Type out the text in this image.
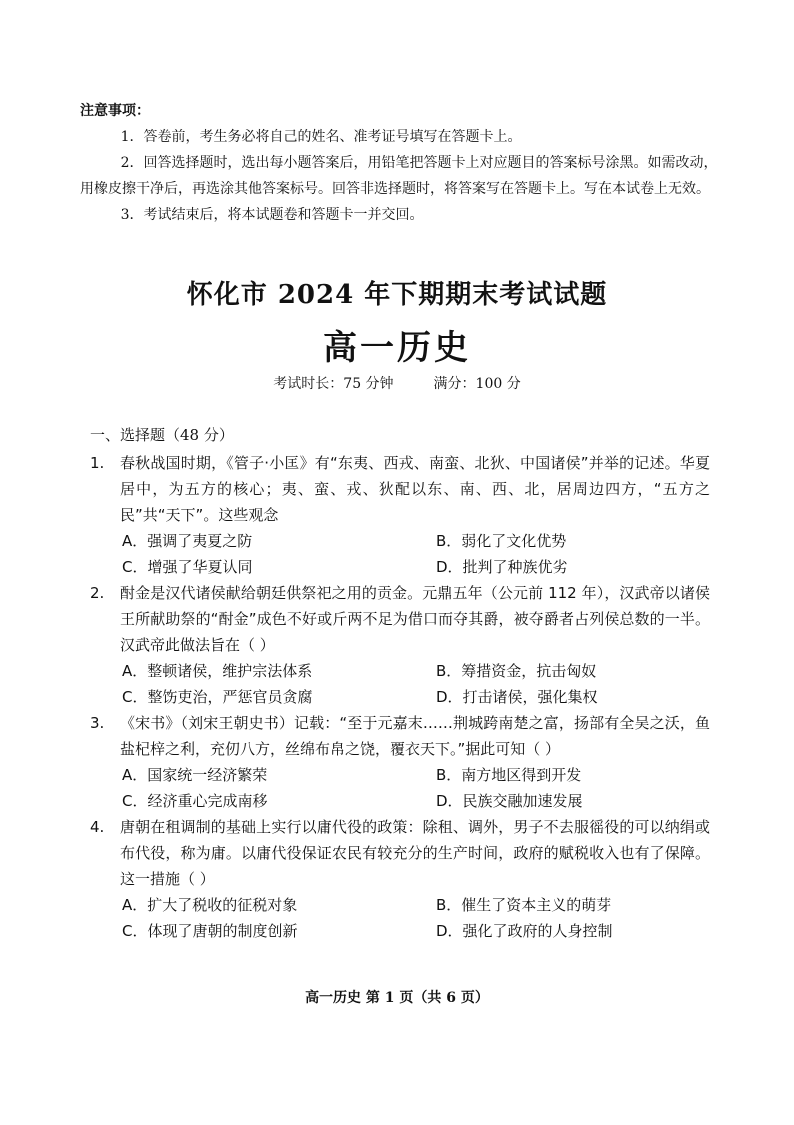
注意事项：

1．答卷前，考生务必将自己的姓名、准考证号填写在答题卡上。

2．回答选择题时，选出每小题答案后，用铅笔把答题卡上对应题目的答案标号涂黑。如需改动，用橡皮擦干净后，再选涂其他答案标号。回答非选择题时，将答案写在答题卡上。写在本试卷上无效。

3．考试结束后，将本试题卷和答题卡一并交回。

怀化市 2024 年下期期末考试试题
高一历史
考试时长：75 分钟	满分：100 分
一、选择题（48 分）
1. 春秋战国时期，《管子·小匡》有“东夷、西戎、南蛮、北狄、中国诸侯”并举的记述。华夏居中，为五方的核心；夷、蛮、戎、狄配以东、南、西、北，居周边四方，“五方之民”共“天下”。这些观念
A．强调了夷夏之防	B．弱化了文化优势
C．增强了华夏认同	D．批判了种族优劣
2. 酎金是汉代诸侯献给朝廷供祭祀之用的贡金。元鼎五年（公元前 112 年），汉武帝以诸侯王所献助祭的“酎金”成色不好或斤两不足为借口而夺其爵，被夺爵者占列侯总数的一半。汉武帝此做法旨在（ ）
A．整顿诸侯，维护宗法体系	B．筹措资金，抗击匈奴
C．整饬吏治，严惩官员贪腐	D．打击诸侯，强化集权
3. 《宋书》（刘宋王朝史书）记载：“至于元嘉末……荆城跨南楚之富，扬部有全吴之沃，鱼盐杞梓之利，充仞八方，丝绵布帛之饶，覆衣天下。”据此可知（ ）
A．国家统一经济繁荣	B．南方地区得到开发
C．经济重心完成南移	D．民族交融加速发展
4. 唐朝在租调制的基础上实行以庸代役的政策：除租、调外，男子不去服徭役的可以纳绢或布代役，称为庸。以庸代役保证农民有较充分的生产时间，政府的赋税收入也有了保障。这一措施（ ）
A．扩大了税收的征税对象	B．催生了资本主义的萌芽
C．体现了唐朝的制度创新	D．强化了政府的人身控制
高一历史 第 1 页（共 6 页）
